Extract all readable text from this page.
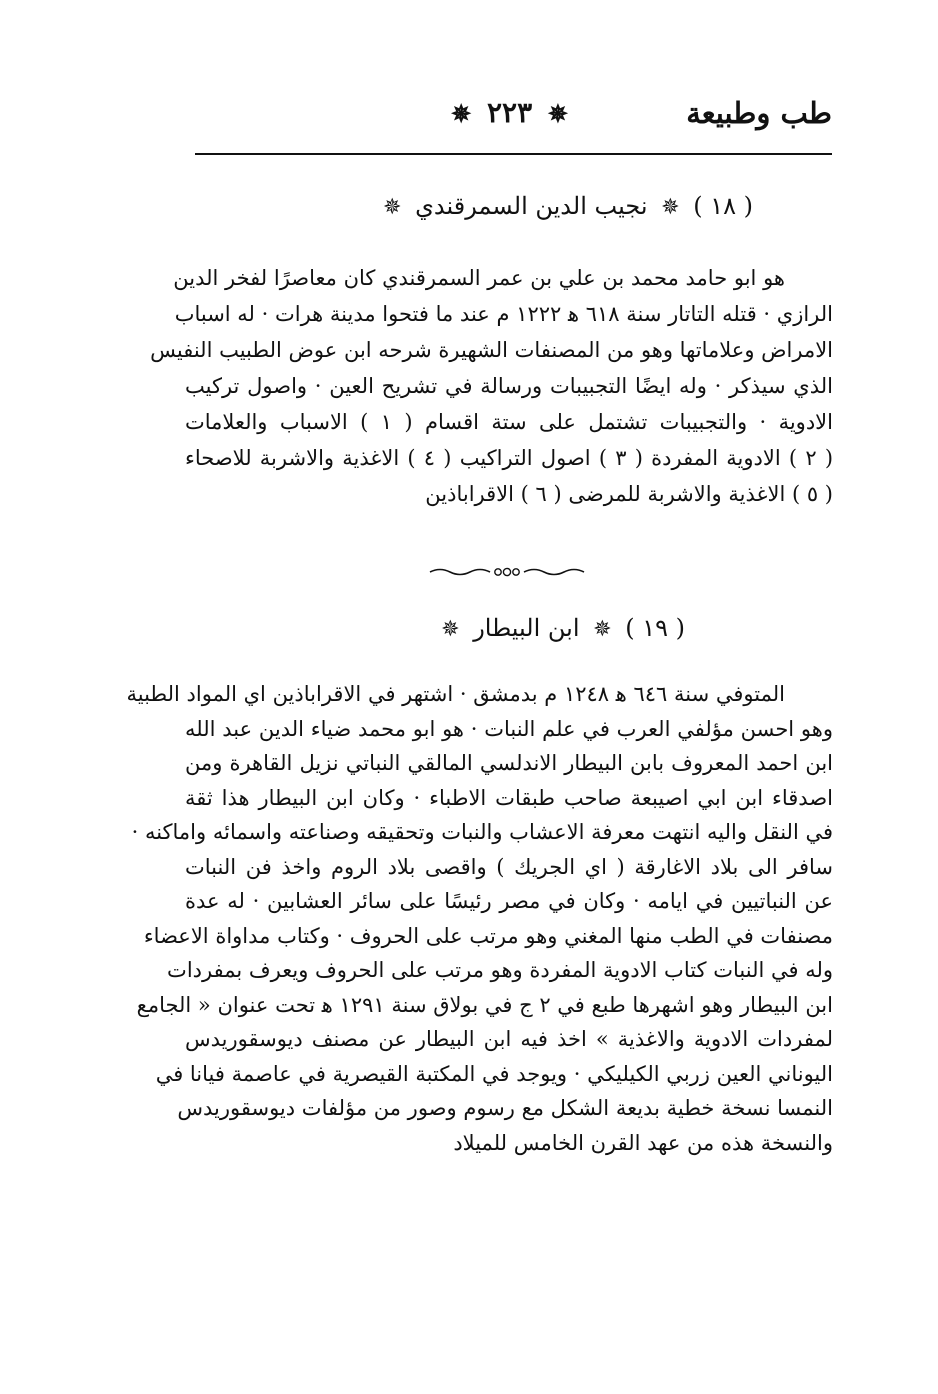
طب وطبيعة
✵ ٢٢٣ ✵
( ١٨ ) ✵ نجيب الدين السمرقندي ✵
هو ابو حامد محمد بن علي بن عمر السمرقندي كان معاصرًا لفخر الدين
الرازي · قتله التاتار سنة ٦١٨ ﻫ ١٢٢٢ م عند ما فتحوا مدينة هرات · له اسباب
الامراض وعلاماتها وهو من المصنفات الشهيرة شرحه ابن عوض الطبيب النفيس
الذي سيذكر · وله ايضًا التجبيبات ورسالة في تشريح العين · واصول تركيب
الادوية · والتجبيبات تشتمل على ستة اقسام ( ١ ) الاسباب والعلامات
( ٢ ) الادوية المفردة ( ٣ ) اصول التراكيب ( ٤ ) الاغذية والاشربة للاصحاء
( ٥ ) الاغذية والاشربة للمرضى ( ٦ ) الاقراباذين
( ١٩ ) ✵ ابن البيطار ✵
المتوفي سنة ٦٤٦ ﻫ ١٢٤٨ م بدمشق · اشتهر في الاقراباذين اي المواد الطبية
وهو احسن مؤلفي العرب في علم النبات · هو ابو محمد ضياء الدين عبد الله
ابن احمد المعروف بابن البيطار الاندلسي المالقي النباتي نزيل القاهرة ومن
اصدقاء ابن ابي اصيبعة صاحب طبقات الاطباء · وكان ابن البيطار هذا ثقة
في النقل واليه انتهت معرفة الاعشاب والنبات وتحقيقه وصناعته واسمائه واماكنه ·
سافر الى بلاد الاغارقة ( اي الجريك ) واقصى بلاد الروم واخذ فن النبات
عن النباتيين في ايامه · وكان في مصر رئيسًا على سائر العشابين · له عدة
مصنفات في الطب منها المغني وهو مرتب على الحروف · وكتاب مداواة الاعضاء
وله في النبات كتاب الادوية المفردة وهو مرتب على الحروف ويعرف بمفردات
ابن البيطار وهو اشهرها طبع في ٢ ج في بولاق سنة ١٢٩١ ﻫ تحت عنوان « الجامع
لمفردات الادوية والاغذية » اخذ فيه ابن البيطار عن مصنف ديوسقوريدس
اليوناني العين زربي الكيليكي · ويوجد في المكتبة القيصرية في عاصمة فيانا في
النمسا نسخة خطية بديعة الشكل مع رسوم وصور من مؤلفات ديوسقوريدس
والنسخة هذه من عهد القرن الخامس للميلاد
